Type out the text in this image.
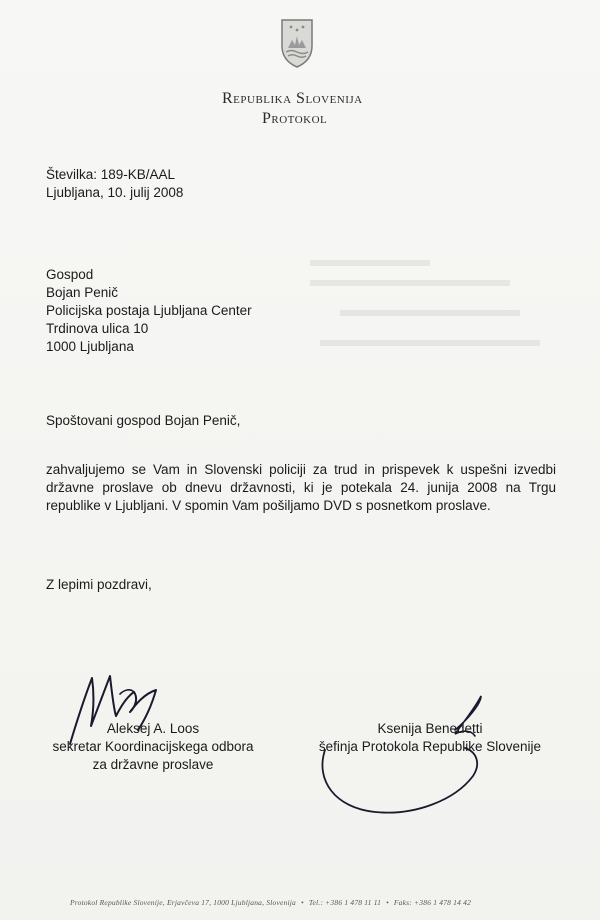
Republika Slovenija
Protokol
Številka: 189-KB/AAL
Ljubljana, 10. julij 2008
Gospod
Bojan Penič
Policijska postaja Ljubljana Center
Trdinova ulica 10
1000 Ljubljana
Spoštovani gospod Bojan Penič,
zahvaljujemo se Vam in Slovenski policiji za trud in prispevek k uspešni izvedbi državne proslave ob dnevu državnosti, ki je potekala 24. junija 2008 na Trgu republike v Ljubljani. V spomin Vam pošiljamo DVD s posnetkom proslave.
Z lepimi pozdravi,
Aleksej A. Loos
sekretar Koordinacijskega odbora
za državne proslave
Ksenija Benedetti
šefinja Protokola Republike Slovenije
Protokol Republike Slovenije, Erjavčeva 17, 1000 Ljubljana, Slovenija • Tel.: +386 1 478 11 11 • Faks: +386 1 478 14 42
